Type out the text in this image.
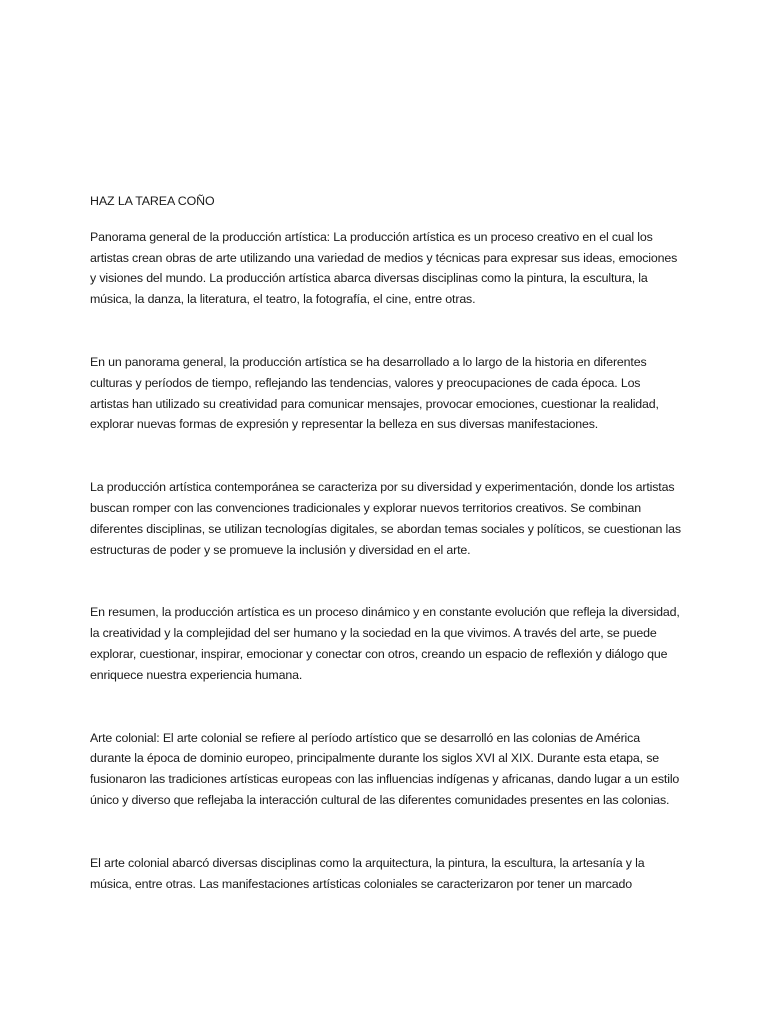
HAZ LA TAREA COÑO

Panorama general de la producción artística: La producción artística es un proceso creativo en el cual los artistas crean obras de arte utilizando una variedad de medios y técnicas para expresar sus ideas, emociones y visiones del mundo. La producción artística abarca diversas disciplinas como la pintura, la escultura, la música, la danza, la literatura, el teatro, la fotografía, el cine, entre otras.

En un panorama general, la producción artística se ha desarrollado a lo largo de la historia en diferentes culturas y períodos de tiempo, reflejando las tendencias, valores y preocupaciones de cada época. Los artistas han utilizado su creatividad para comunicar mensajes, provocar emociones, cuestionar la realidad, explorar nuevas formas de expresión y representar la belleza en sus diversas manifestaciones.

La producción artística contemporánea se caracteriza por su diversidad y experimentación, donde los artistas buscan romper con las convenciones tradicionales y explorar nuevos territorios creativos. Se combinan diferentes disciplinas, se utilizan tecnologías digitales, se abordan temas sociales y políticos, se cuestionan las estructuras de poder y se promueve la inclusión y diversidad en el arte.

En resumen, la producción artística es un proceso dinámico y en constante evolución que refleja la diversidad, la creatividad y la complejidad del ser humano y la sociedad en la que vivimos. A través del arte, se puede explorar, cuestionar, inspirar, emocionar y conectar con otros, creando un espacio de reflexión y diálogo que enriquece nuestra experiencia humana.

Arte colonial: El arte colonial se refiere al período artístico que se desarrolló en las colonias de América durante la época de dominio europeo, principalmente durante los siglos XVI al XIX. Durante esta etapa, se fusionaron las tradiciones artísticas europeas con las influencias indígenas y africanas, dando lugar a un estilo único y diverso que reflejaba la interacción cultural de las diferentes comunidades presentes en las colonias.

El arte colonial abarcó diversas disciplinas como la arquitectura, la pintura, la escultura, la artesanía y la música, entre otras. Las manifestaciones artísticas coloniales se caracterizaron por tener un marcado
